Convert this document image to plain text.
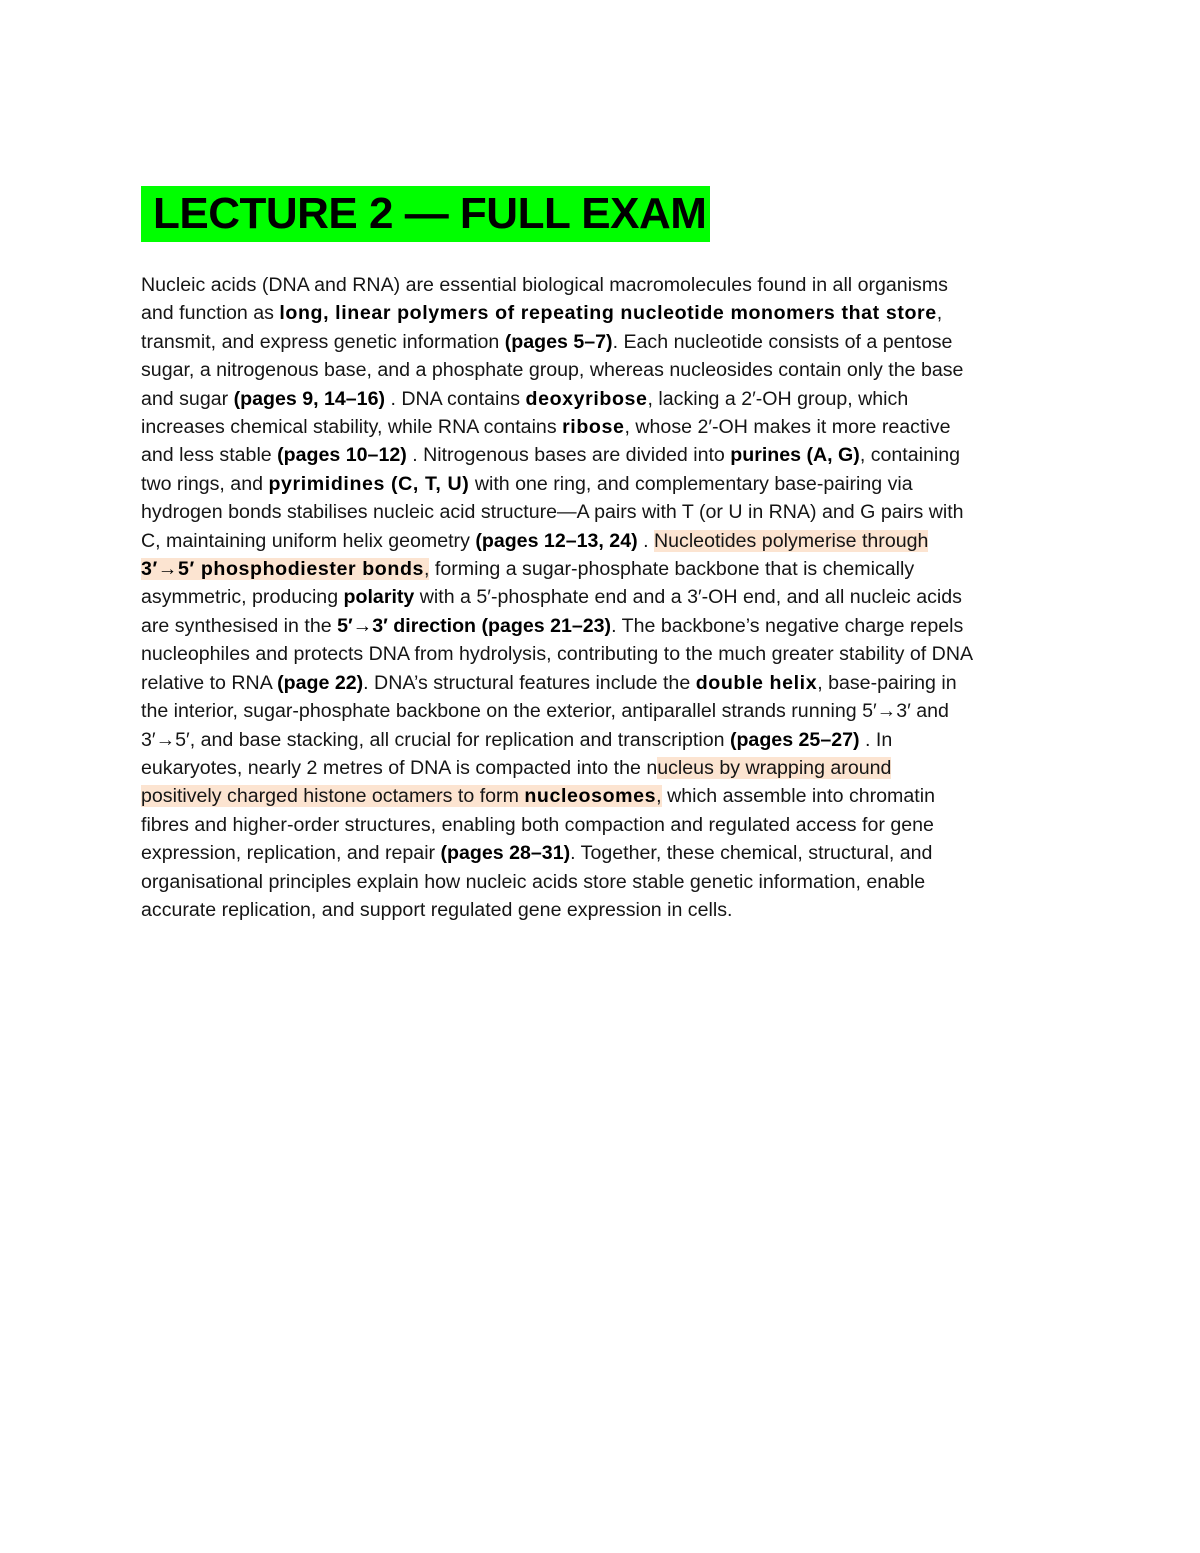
LECTURE 2 — FULL EXAM
Nucleic acids (DNA and RNA) are essential biological macromolecules found in all organisms
and function as long, linear polymers of repeating nucleotide monomers that store,
transmit, and express genetic information (pages 5–7). Each nucleotide consists of a pentose
sugar, a nitrogenous base, and a phosphate group, whereas nucleosides contain only the base
and sugar (pages 9, 14–16) . DNA contains deoxyribose, lacking a 2′-OH group, which
increases chemical stability, while RNA contains ribose, whose 2′-OH makes it more reactive
and less stable (pages 10–12) . Nitrogenous bases are divided into purines (A, G), containing
two rings, and pyrimidines (C, T, U) with one ring, and complementary base-pairing via
hydrogen bonds stabilises nucleic acid structure—A pairs with T (or U in RNA) and G pairs with
C, maintaining uniform helix geometry (pages 12–13, 24) . Nucleotides polymerise through
3′→5′ phosphodiester bonds, forming a sugar-phosphate backbone that is chemically
asymmetric, producing polarity with a 5′-phosphate end and a 3′-OH end, and all nucleic acids
are synthesised in the 5′→3′ direction (pages 21–23). The backbone’s negative charge repels
nucleophiles and protects DNA from hydrolysis, contributing to the much greater stability of DNA
relative to RNA (page 22). DNA’s structural features include the double helix, base-pairing in
the interior, sugar-phosphate backbone on the exterior, antiparallel strands running 5′→3′ and
3′→5′, and base stacking, all crucial for replication and transcription (pages 25–27) . In
eukaryotes, nearly 2 metres of DNA is compacted into the nucleus by wrapping around
positively charged histone octamers to form nucleosomes, which assemble into chromatin
fibres and higher-order structures, enabling both compaction and regulated access for gene
expression, replication, and repair (pages 28–31). Together, these chemical, structural, and
organisational principles explain how nucleic acids store stable genetic information, enable
accurate replication, and support regulated gene expression in cells.
